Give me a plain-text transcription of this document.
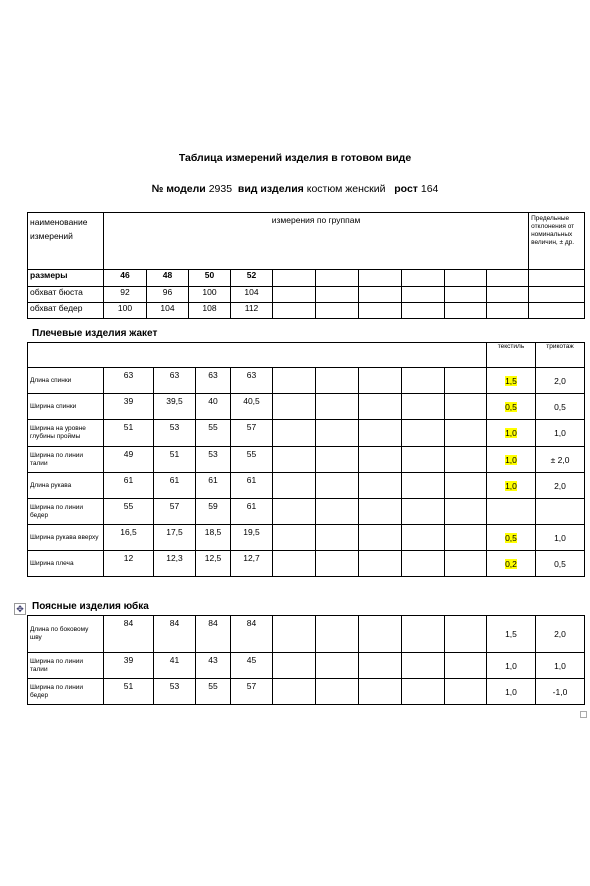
Таблица измерений изделия в готовом виде
№ модели 2935 вид изделия костюм женский рост 164
наименование измерений	измерения по группам										Предельные отклонения от номинальных величин, ± др.
размеры	46	48	50	52							
обхват бюста	92	96	100	104							
обхват бедер	100	104	108	112							
Плечевые изделия жакет
										текстиль	трикотаж
Длина спинки	63	63	63	63						1,5	2,0
Ширина спинки	39	39,5	40	40,5						0,5	0,5
Ширина на уровне глубины проймы	51	53	55	57						1,0	1,0
Ширина по линии талии	49	51	53	55						1,0	± 2,0
Длина рукава	61	61	61	61						1,0	2,0
Ширина по линии бедер	55	57	59	61							
Ширина рукава вверху	16,5	17,5	18,5	19,5						0,5	1,0
Ширина плеча	12	12,3	12,5	12,7						0,2	0,5
✥ Поясные изделия юбка
Длина по боковому шву	84	84	84	84						1,5	2,0
Ширина по линии талии	39	41	43	45						1,0	1,0
Ширина по линии бедер	51	53	55	57						1,0	-1,0
